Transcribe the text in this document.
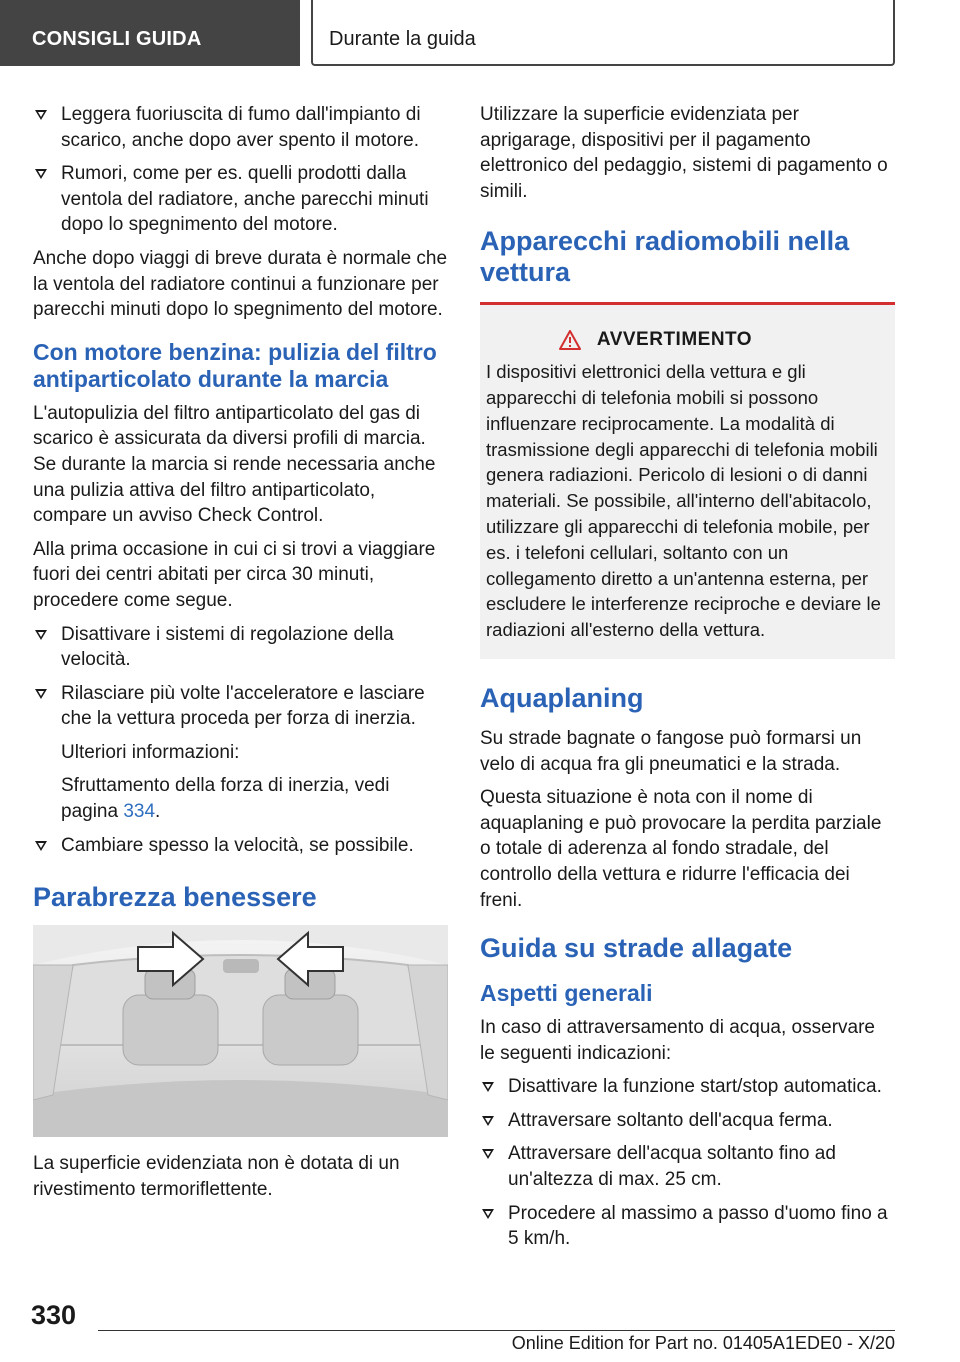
CONSIGLI GUIDA	Durante la guida
Leggera fuoriuscita di fumo dall'impianto di scarico, anche dopo aver spento il motore.
Rumori, come per es. quelli prodotti dalla ventola del radiatore, anche parecchi minuti dopo lo spegnimento del motore.

Anche dopo viaggi di breve durata è normale che la ventola del radiatore continui a funzionare per parecchi minuti dopo lo spegnimento del motore.

Con motore benzina: pulizia del filtro antiparticolato durante la marcia

L'autopulizia del filtro antiparticolato del gas di scarico è assicurata da diversi profili di marcia. Se durante la marcia si rende necessaria anche una pulizia attiva del filtro antiparticolato, compare un avviso Check Control.

Alla prima occasione in cui ci si trovi a viaggiare fuori dei centri abitati per circa 30 minuti, procedere come segue.

Disattivare i sistemi di regolazione della velocità.
Rilasciare più volte l'acceleratore e lasciare che la vettura proceda per forza di inerzia.
Ulteriori informazioni:
Sfruttamento della forza di inerzia, vedi pagina 334.
Cambiare spesso la velocità, se possibile.
Parabrezza benessere

La superficie evidenziata non è dotata di un rivestimento termoriflettente.

Utilizzare la superficie evidenziata per aprigarage, dispositivi per il pagamento elettronico del pedaggio, sistemi di pagamento o simili.

Apparecchi radiomobili nella vettura
AVVERTIMENTO
I dispositivi elettronici della vettura e gli apparecchi di telefonia mobili si possono influenzare reciprocamente. La modalità di trasmissione degli apparecchi di telefonia mobili genera radiazioni. Pericolo di lesioni o di danni materiali. Se possibile, all'interno dell'abitacolo, utilizzare gli apparecchi di telefonia mobile, per es. i telefoni cellulari, soltanto con un collegamento diretto a un'antenna esterna, per escludere le interferenze reciproche e deviare le radiazioni all'esterno della vettura.
Aquaplaning

Su strade bagnate o fangose può formarsi un velo di acqua fra gli pneumatici e la strada.

Questa situazione è nota con il nome di aquaplaning e può provocare la perdita parziale o totale di aderenza al fondo stradale, del controllo della vettura e ridurre l'efficacia dei freni.

Guida su strade allagate
Aspetti generali

In caso di attraversamento di acqua, osservare le seguenti indicazioni:

Disattivare la funzione start/stop automatica.
Attraversare soltanto dell'acqua ferma.
Attraversare dell'acqua soltanto fino ad un'altezza di max. 25 cm.
Procedere al massimo a passo d'uomo fino a 5 km/h.
330
Online Edition for Part no. 01405A1EDE0 - X/20
